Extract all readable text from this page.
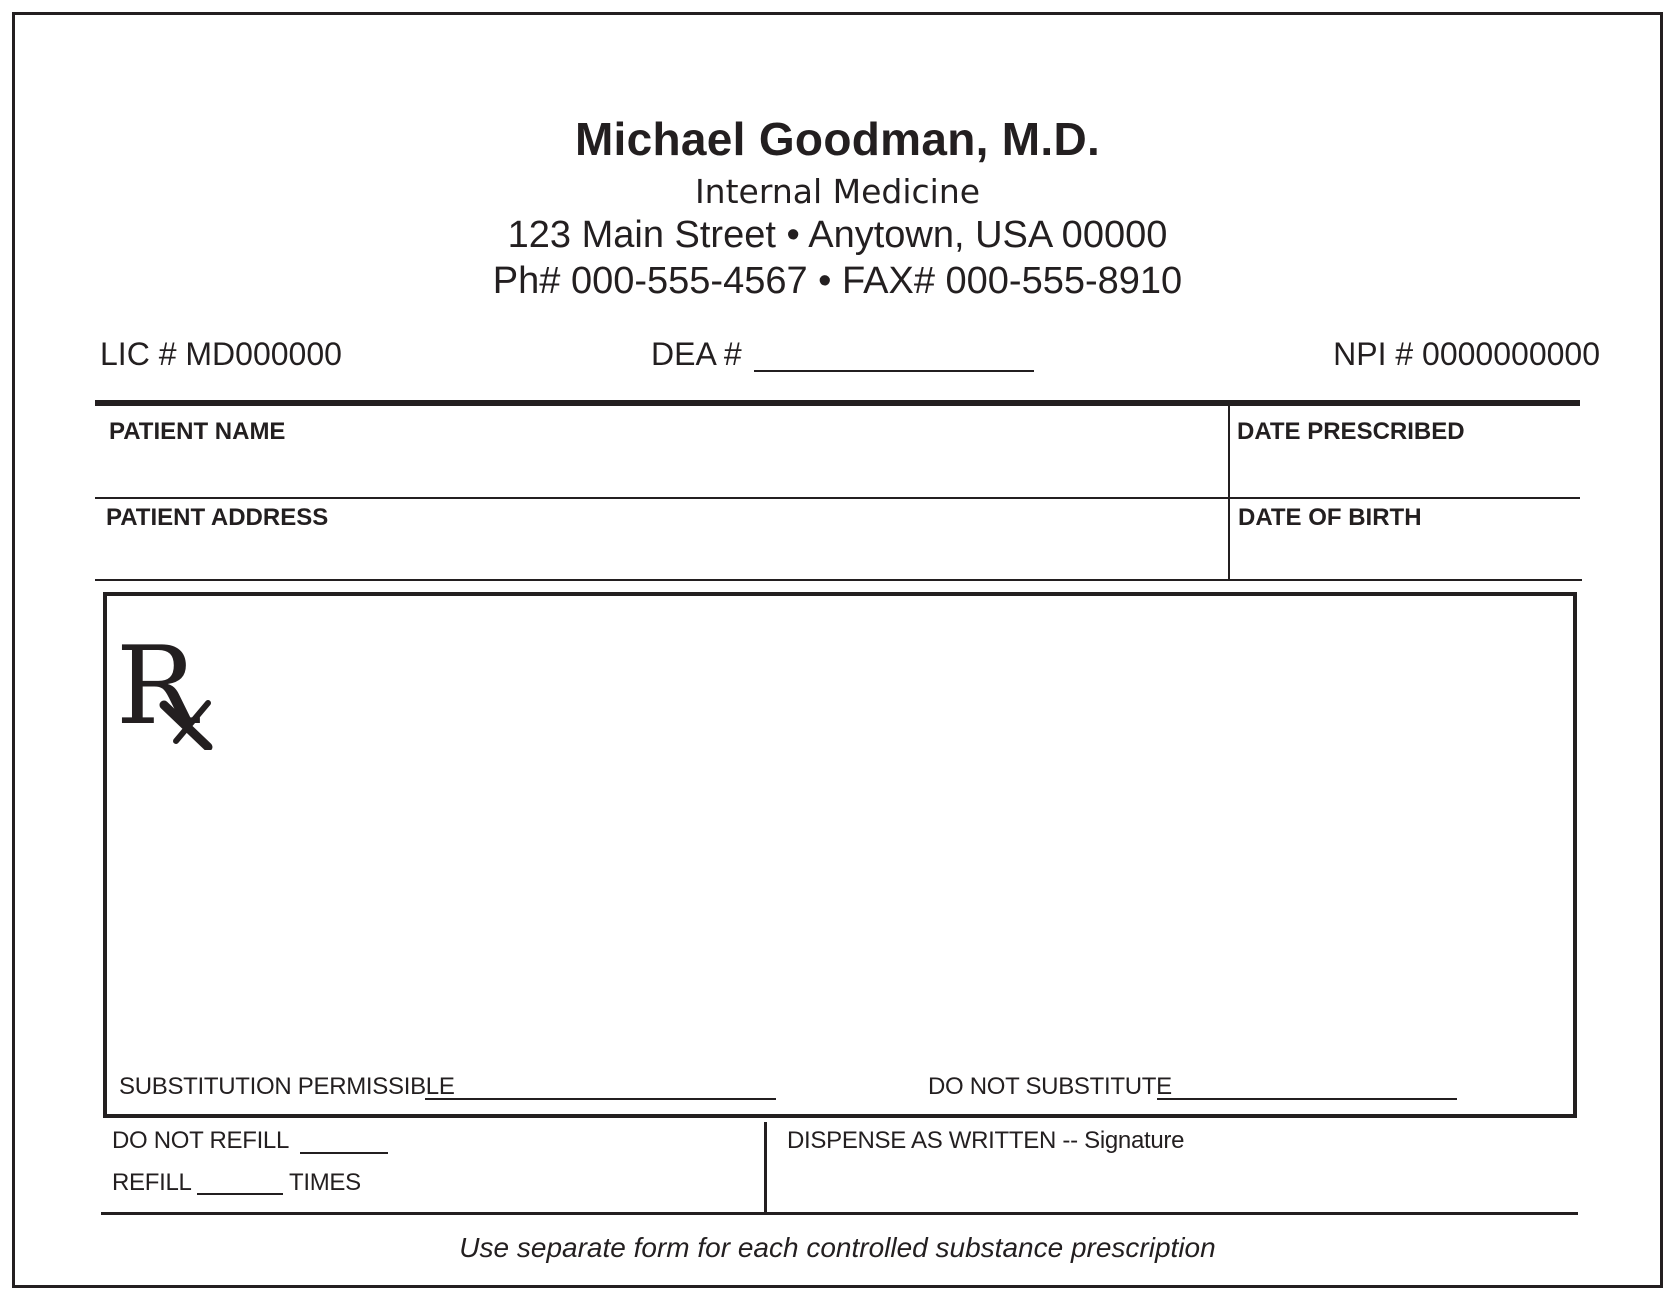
Michael Goodman, M.D.
Internal Medicine
123 Main Street • Anytown, USA 00000
Ph# 000-555-4567 • FAX# 000-555-8910
LIC # MD000000	DEA #	NPI # 0000000000
PATIENT NAME	DATE PRESCRIBED
PATIENT ADDRESS	DATE OF BIRTH
R
SUBSTITUTION PERMISSIBLE	DO NOT SUBSTITUTE
DO NOT REFILL
REFILL	TIMES
DISPENSE AS WRITTEN -- Signature
Use separate form for each controlled substance prescription
